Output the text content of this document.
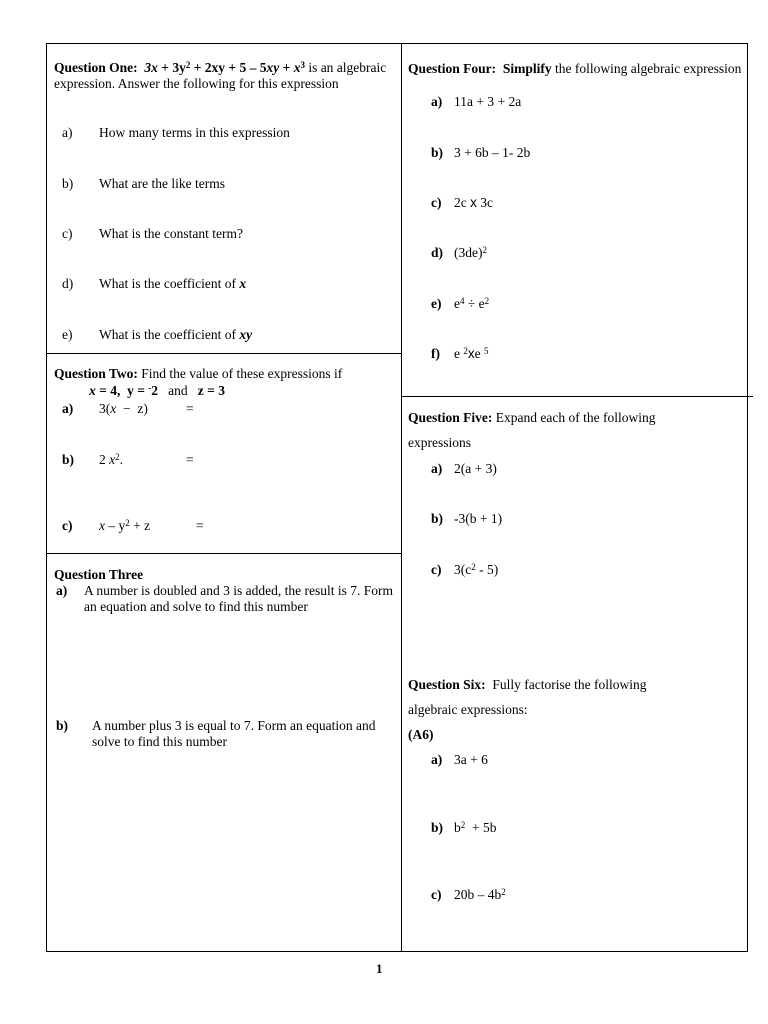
Question One: $3x + 3y^2 + 2xy + 5 - 5xy + x^3$ is an algebraic expression. Answer the following for this expression
a) How many terms in this expression
b) What are the like terms
c) What is the constant term?
d) What is the coefficient of x
e) What is the coefficient of xy
Question Two: Find the value of these expressions if
x = 4,  y = -2   and   z = 3
a) 3(x  −  z)	=
b) 2 $x^2$.	=
c) $x - y^2 + z$	=
Question Three
a) A number is doubled and 3 is added, the result is 7. Form an equation and solve to find this number
b) A number plus 3 is equal to 7. Form an equation and solve to find this number
Question Four: Simplify the following algebraic expression
a) 11a + 3 + 2a
b) 3 + 6b – 1- 2b
c) 2c x 3c
d) $(3de)^2$
e) $e^4 \div e^2$
f) e $^2$xe $^5$
Question Five: Expand each of the following
expressions
a) 2(a + 3)
b) -3(b + 1)
c) $3(c^2 - 5)$
Question Six: Fully factorise the following
algebraic expressions:
(A6)
a) 3a + 6
b) $b^2 + 5b$
c) $20b - 4b^2$
1
